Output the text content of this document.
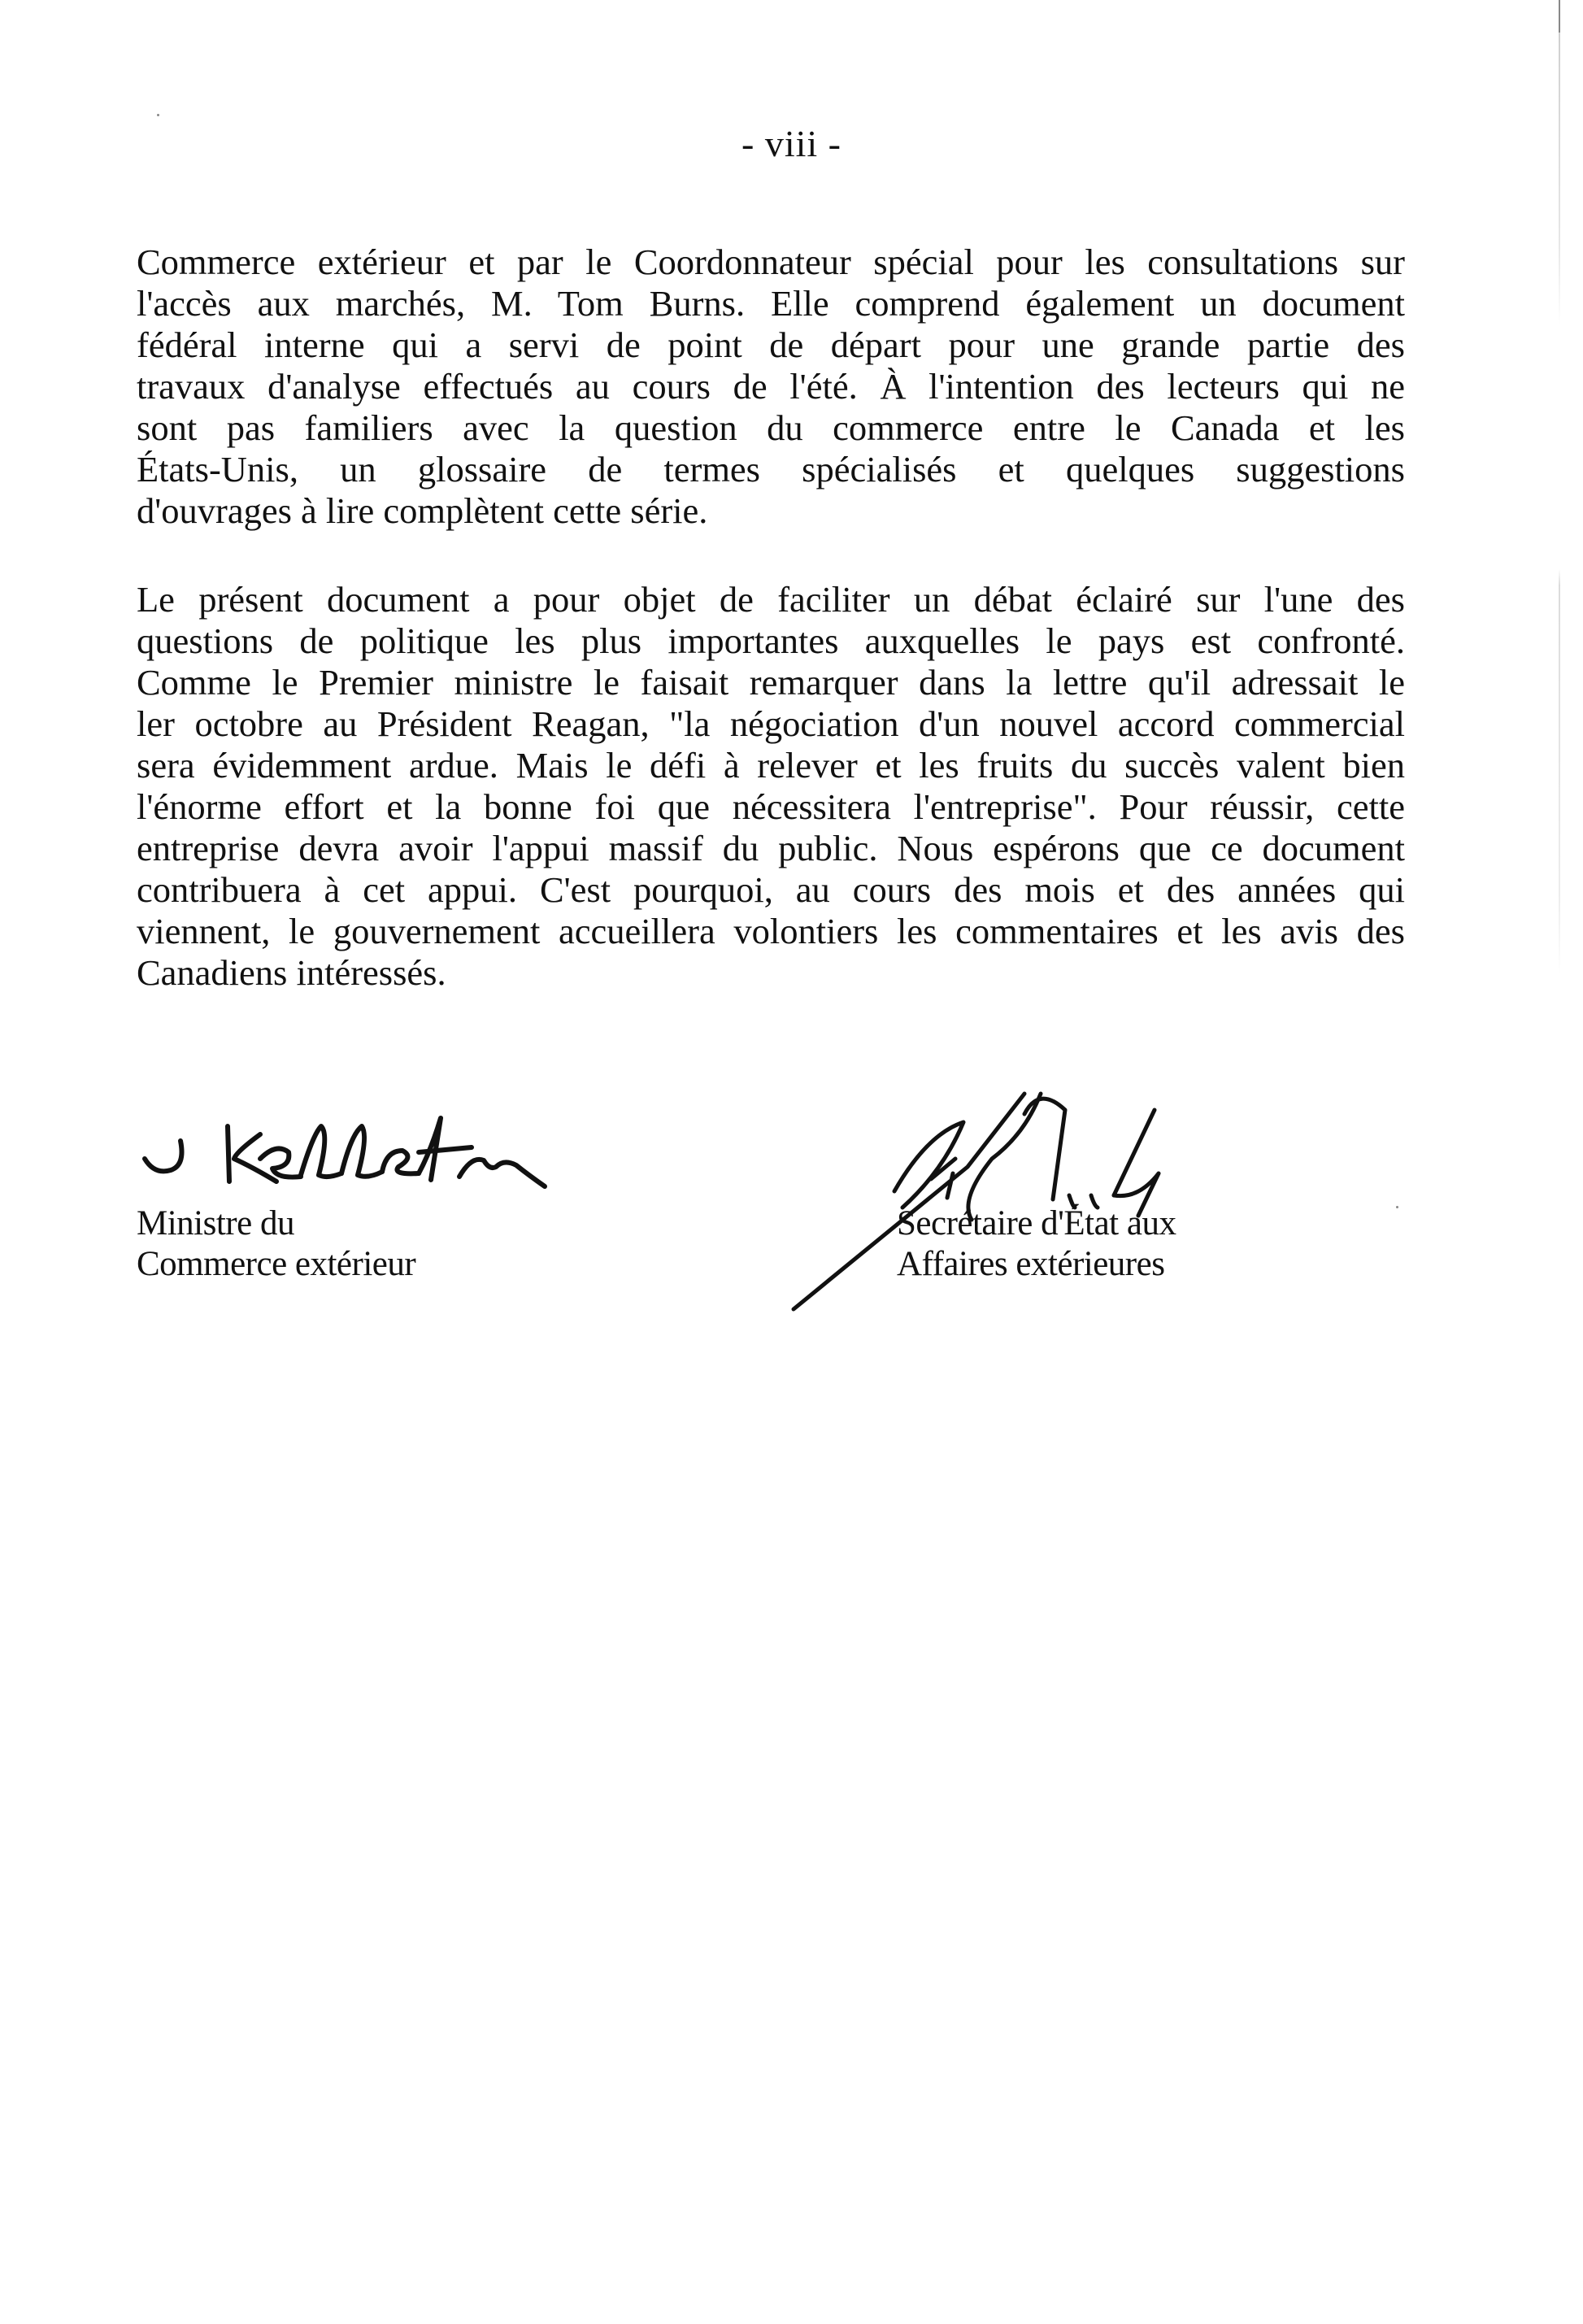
- viii -
Commerce extérieur et par le Coordonnateur spécial pour les consultations sur
l'accès aux marchés, M. Tom Burns. Elle comprend également un document
fédéral interne qui a servi de point de départ pour une grande partie des
travaux d'analyse effectués au cours de l'été. À l'intention des lecteurs qui ne
sont pas familiers avec la question du commerce entre le Canada et les
États-Unis, un glossaire de termes spécialisés et quelques suggestions
d'ouvrages à lire complètent cette série.
Le présent document a pour objet de faciliter un débat éclairé sur l'une des
questions de politique les plus importantes auxquelles le pays est confronté.
Comme le Premier ministre le faisait remarquer dans la lettre qu'il adressait le
ler octobre au Président Reagan, "la négociation d'un nouvel accord commercial
sera évidemment ardue. Mais le défi à relever et les fruits du succès valent bien
l'énorme effort et la bonne foi que nécessitera l'entreprise". Pour réussir, cette
entreprise devra avoir l'appui massif du public. Nous espérons que ce document
contribuera à cet appui. C'est pourquoi, au cours des mois et des années qui
viennent, le gouvernement accueillera volontiers les commentaires et les avis des
Canadiens intéressés.
Ministre du
Commerce extérieur
Secrétaire d'État aux
Affaires extérieures
